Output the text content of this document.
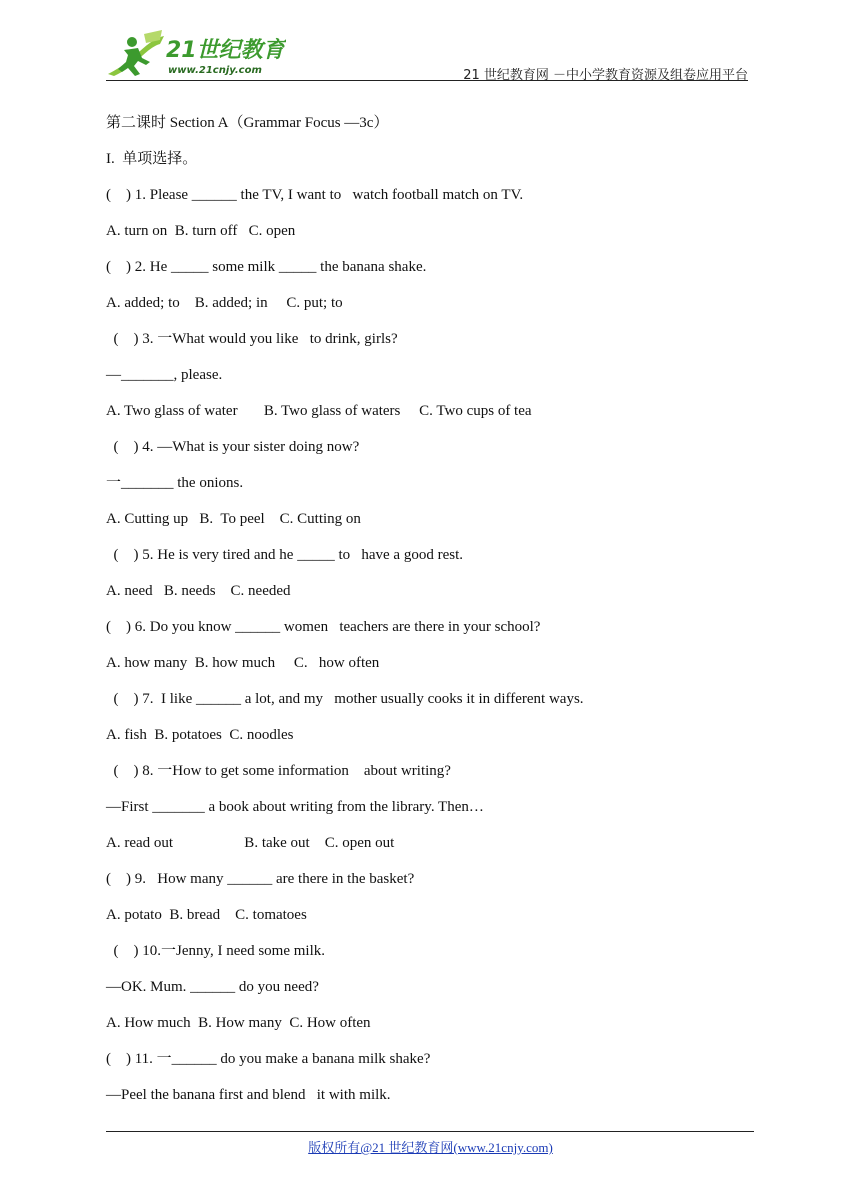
21世纪教育
www.21cnjy.com	21 世纪教育网 －中小学教育资源及组卷应用平台
第二课时 Section A（Grammar Focus —3c）
I.  单项选择。
(    ) 1. Please ______ the TV, I want to   watch football match on TV.
A. turn on  B. turn off   C. open
(    ) 2. He _____ some milk _____ the banana shake.
A. added; to    B. added; in     C. put; to
(    ) 3. 一What would you like   to drink, girls?
—_______, please.
A. Two glass of water       B. Two glass of waters     C. Two cups of tea
(    ) 4. —What is your sister doing now?
一_______ the onions.
A. Cutting up   B.  To peel    C. Cutting on
(    ) 5. He is very tired and he _____ to   have a good rest.
A. need   B. needs    C. needed
(    ) 6. Do you know ______ women   teachers are there in your school?
A. how many  B. how much     C.   how often
(    ) 7.  I like ______ a lot, and my   mother usually cooks it in different ways.
A. fish  B. potatoes  C. noodles
(    ) 8. 一How to get some information    about writing?
—First _______ a book about writing from the library. Then…
A. read out                   B. take out    C. open out
(    ) 9.   How many ______ are there in the basket?
A. potato  B. bread    C. tomatoes
(    ) 10.一Jenny, I need some milk.
—OK. Mum. ______ do you need?
A. How much  B. How many  C. How often
(    ) 11. 一______ do you make a banana milk shake?
—Peel the banana first and blend   it with milk.
版权所有@21 世纪教育网(www.21cnjy.com)
